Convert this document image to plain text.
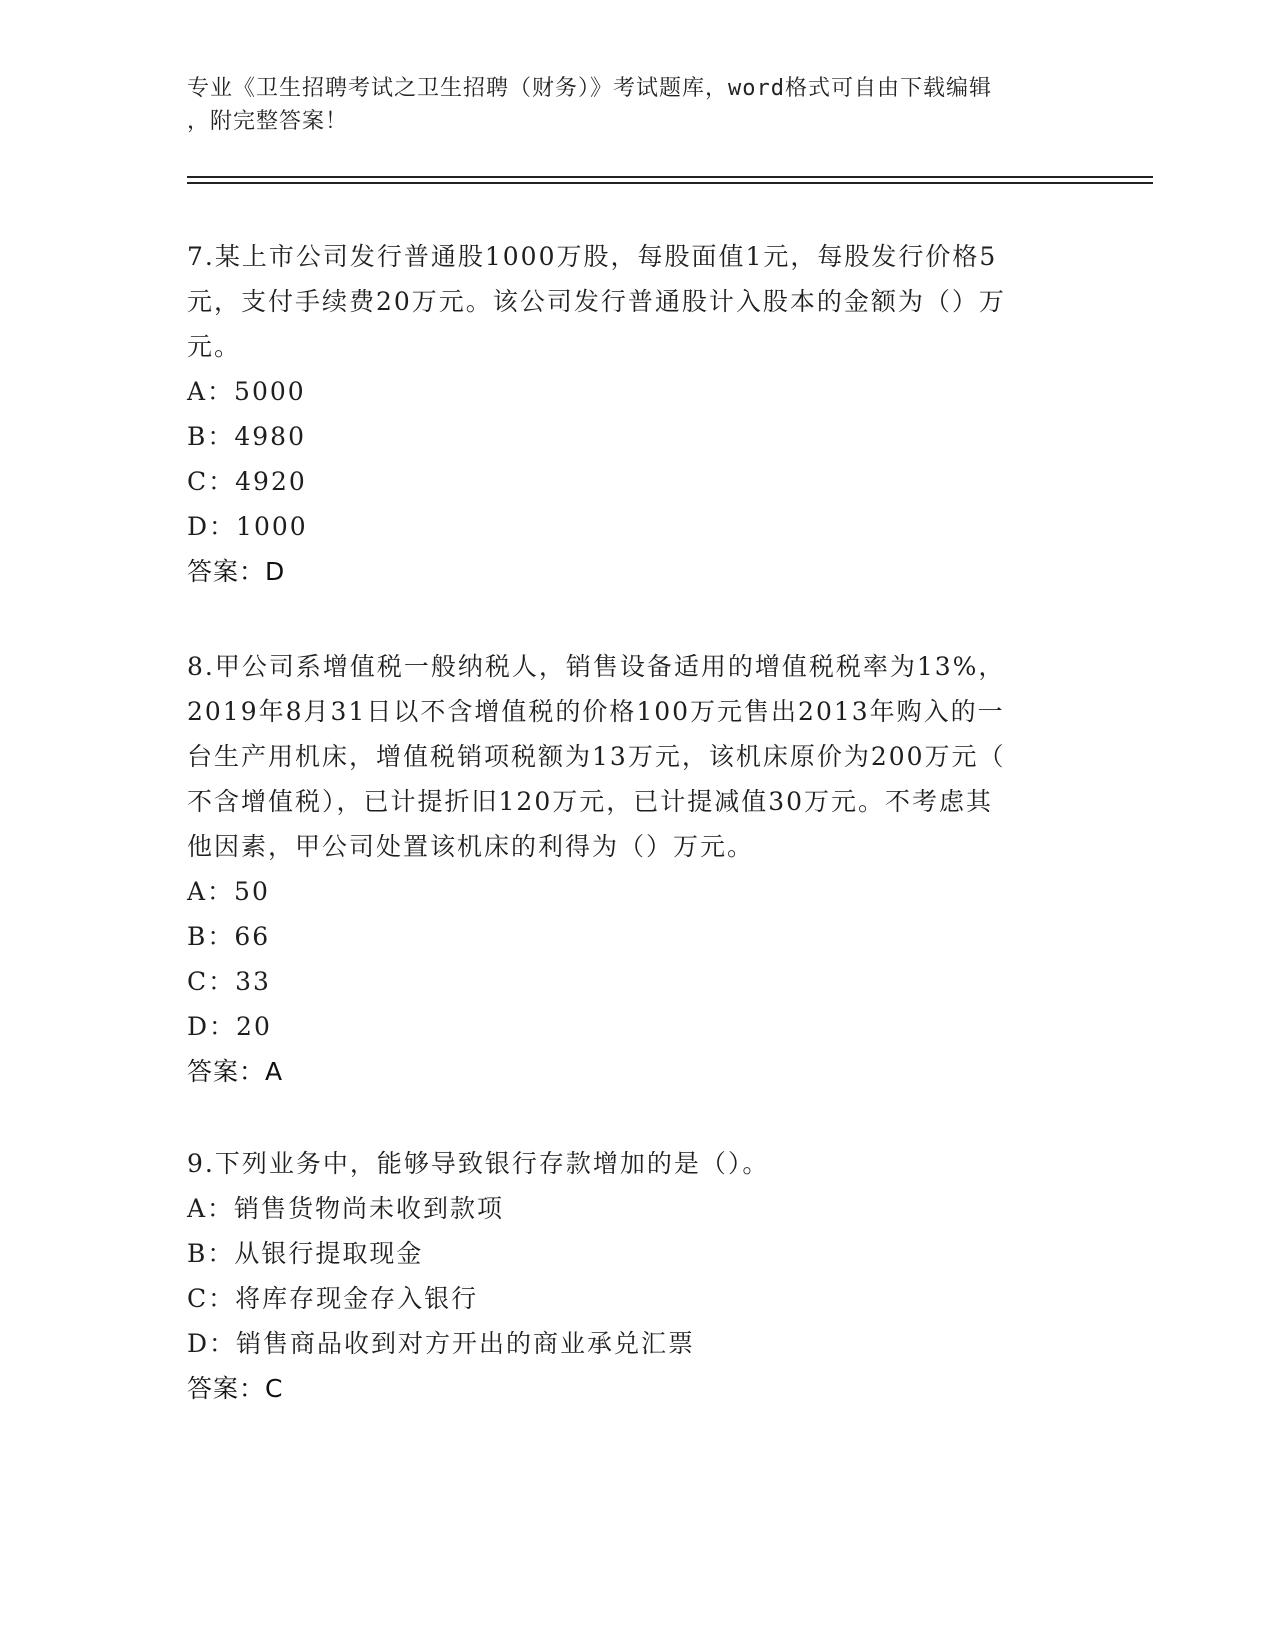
专业《卫生招聘考试之卫生招聘（财务）》考试题库，word格式可自由下载编辑
，附完整答案！
7.某上市公司发行普通股1000万股，每股面值1元，每股发行价格5
元，支付手续费20万元。该公司发行普通股计入股本的金额为（）万
元。
A：5000
B：4980
C：4920
D：1000
答案：D
8.甲公司系增值税一般纳税人，销售设备适用的增值税税率为13%，
2019年8月31日以不含增值税的价格100万元售出2013年购入的一
台生产用机床，增值税销项税额为13万元，该机床原价为200万元（
不含增值税），已计提折旧120万元，已计提减值30万元。不考虑其
他因素，甲公司处置该机床的利得为（）万元。
A：50
B：66
C：33
D：20
答案：A
9.下列业务中，能够导致银行存款增加的是（）。
A：销售货物尚未收到款项
B：从银行提取现金
C：将库存现金存入银行
D：销售商品收到对方开出的商业承兑汇票
答案：C
